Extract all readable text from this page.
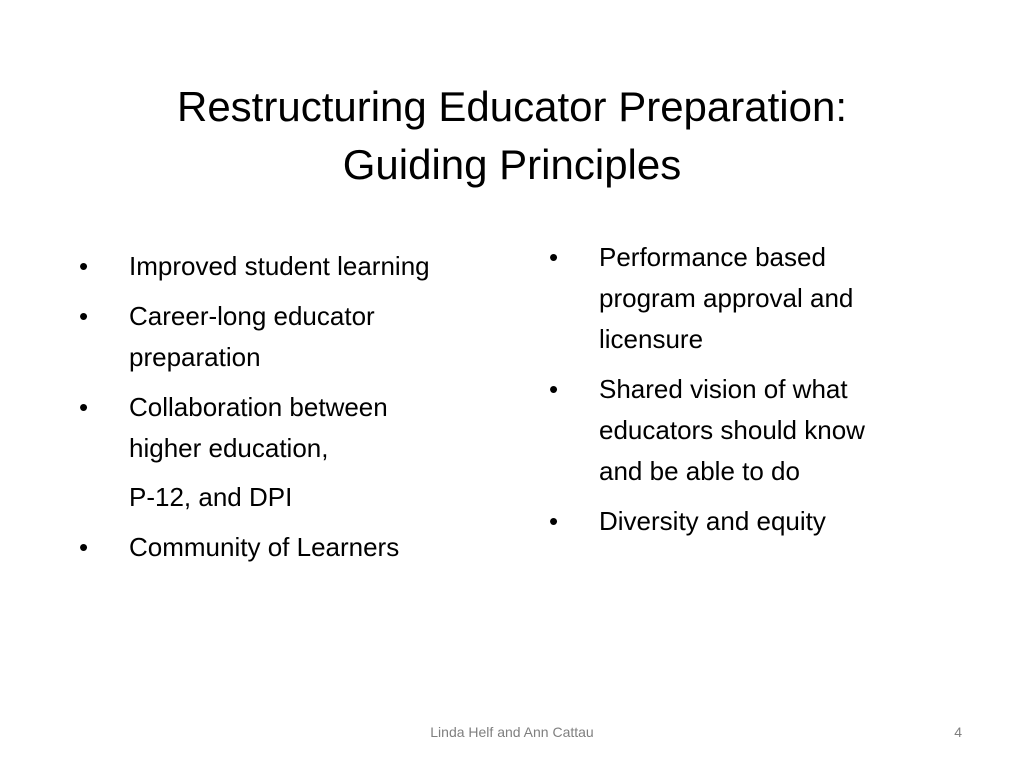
Restructuring Educator Preparation:
Guiding Principles
•	Improved student learning
•	Career-long educator
preparation
•	Collaboration between
higher education,
P-12, and DPI
•	Community of Learners
•	Performance based
program approval and
licensure
•	Shared vision of what
educators should know
and be able to do
•	Diversity and equity
Linda Helf and Ann Cattau	4
